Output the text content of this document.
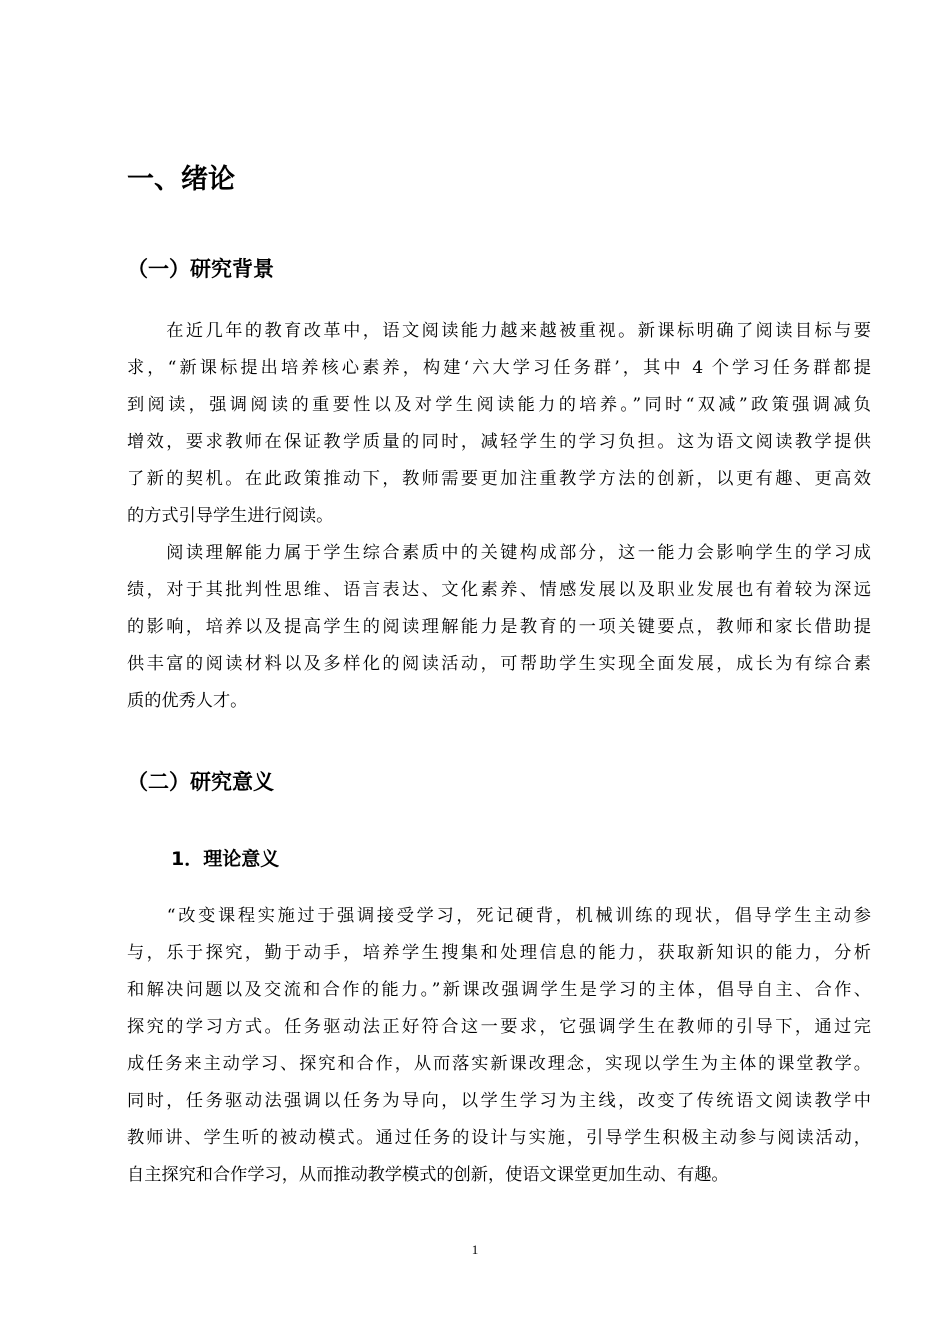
一、绪论
（一）研究背景
　　在近几年的教育改革中，语文阅读能力越来越被重视。新课标明确了阅读目标与要
求，“新课标提出培养核心素养，构建‘六大学习任务群’，其中 4 个学习任务群都提
到阅读，强调阅读的重要性以及对学生阅读能力的培养。”同时“双减”政策强调减负
增效，要求教师在保证教学质量的同时，减轻学生的学习负担。这为语文阅读教学提供
了新的契机。在此政策推动下，教师需要更加注重教学方法的创新，以更有趣、更高效
的方式引导学生进行阅读。
　　阅读理解能力属于学生综合素质中的关键构成部分，这一能力会影响学生的学习成
绩，对于其批判性思维、语言表达、文化素养、情感发展以及职业发展也有着较为深远
的影响，培养以及提高学生的阅读理解能力是教育的一项关键要点，教师和家长借助提
供丰富的阅读材料以及多样化的阅读活动，可帮助学生实现全面发展，成长为有综合素
质的优秀人才。
（二）研究意义
1．理论意义
　　“改变课程实施过于强调接受学习，死记硬背，机械训练的现状，倡导学生主动参
与，乐于探究，勤于动手，培养学生搜集和处理信息的能力，获取新知识的能力，分析
和解决问题以及交流和合作的能力。”新课改强调学生是学习的主体，倡导自主、合作、
探究的学习方式。任务驱动法正好符合这一要求，它强调学生在教师的引导下，通过完
成任务来主动学习、探究和合作，从而落实新课改理念，实现以学生为主体的课堂教学。
同时，任务驱动法强调以任务为导向，以学生学习为主线，改变了传统语文阅读教学中
教师讲、学生听的被动模式。通过任务的设计与实施，引导学生积极主动参与阅读活动，
自主探究和合作学习，从而推动教学模式的创新，使语文课堂更加生动、有趣。
1
